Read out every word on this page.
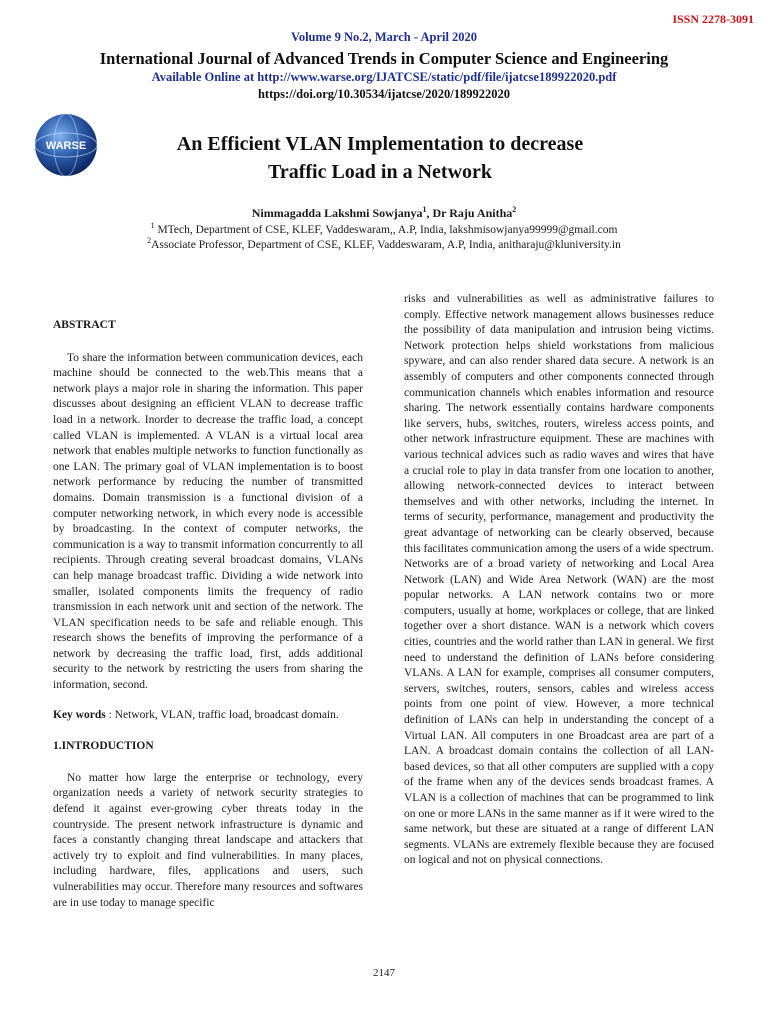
ISSN 2278-3091
Volume 9 No.2, March - April 2020
International Journal of Advanced Trends in Computer Science and Engineering
Available Online at http://www.warse.org/IJATCSE/static/pdf/file/ijatcse189922020.pdf
https://doi.org/10.30534/ijatcse/2020/189922020
WARSE	An Efficient VLAN Implementation to decrease
Traffic Load in a Network
Nimmagadda Lakshmi Sowjanya$^1$, Dr Raju Anitha$^2$
$^1$ MTech, Department of CSE, KLEF, Vaddeswaram,, A.P, India, lakshmisowjanya99999@gmail.com
$^2$Associate Professor, Department of CSE, KLEF, Vaddeswaram, A.P, India, anitharaju@kluniversity.in

ABSTRACT

To share the information between communication devices, each machine should be connected to the web.This means that a network plays a major role in sharing the information. This paper discusses about designing an efficient VLAN to decrease traffic load in a network. Inorder to decrease the traffic load, a concept called VLAN is implemented. A VLAN is a virtual local area network that enables multiple networks to function functionally as one LAN. The primary goal of VLAN implementation is to boost network performance by reducing the number of transmitted domains. Domain transmission is a functional division of a computer networking network, in which every node is accessible by broadcasting. In the context of computer networks, the communication is a way to transmit information concurrently to all recipients. Through creating several broadcast domains, VLANs can help manage broadcast traffic. Dividing a wide network into smaller, isolated components limits the frequency of radio transmission in each network unit and section of the network. The VLAN specification needs to be safe and reliable enough. This research shows the benefits of improving the performance of a network by decreasing the traffic load, first, adds additional security to the network by restricting the users from sharing the information, second.

Key words : Network, VLAN, traffic load, broadcast domain.

1.INTRODUCTION

No matter how large the enterprise or technology, every organization needs a variety of network security strategies to defend it against ever-growing cyber threats today in the countryside. The present network infrastructure is dynamic and faces a constantly changing threat landscape and attackers that actively try to exploit and find vulnerabilities. In many places, including hardware, files, applications and users, such vulnerabilities may occur. Therefore many resources and softwares are in use today to manage specific

risks and vulnerabilities as well as administrative failures to comply. Effective network management allows businesses reduce the possibility of data manipulation and intrusion being victims. Network protection helps shield workstations from malicious spyware, and can also render shared data secure. A network is an assembly of computers and other components connected through communication channels which enables information and resource sharing. The network essentially contains hardware components like servers, hubs, switches, routers, wireless access points, and other network infrastructure equipment. These are machines with various technical advices such as radio waves and wires that have a crucial role to play in data transfer from one location to another, allowing network-connected devices to interact between themselves and with other networks, including the internet. In terms of security, performance, management and productivity the great advantage of networking can be clearly observed, because this facilitates communication among the users of a wide spectrum.

Networks are of a broad variety of networking and Local Area Network (LAN) and Wide Area Network (WAN) are the most popular networks. A LAN network contains two or more computers, usually at home, workplaces or college, that are linked together over a short distance. WAN is a network which covers cities, countries and the world rather than LAN in general. We first need to understand the definition of LANs before considering VLANs. A LAN for example, comprises all consumer computers, servers, switches, routers, sensors, cables and wireless access points from one point of view. However, a more technical definition of LANs can help in understanding the concept of a Virtual LAN. All computers in one Broadcast area are part of a LAN. A broadcast domain contains the collection of all LAN-based devices, so that all other computers are supplied with a copy of the frame when any of the devices sends broadcast frames. A VLAN is a collection of machines that can be programmed to link on one or more LANs in the same manner as if it were wired to the same network, but these are situated at a range of different LAN segments. VLANs are extremely flexible because they are focused on logical and not on physical connections.

2147
